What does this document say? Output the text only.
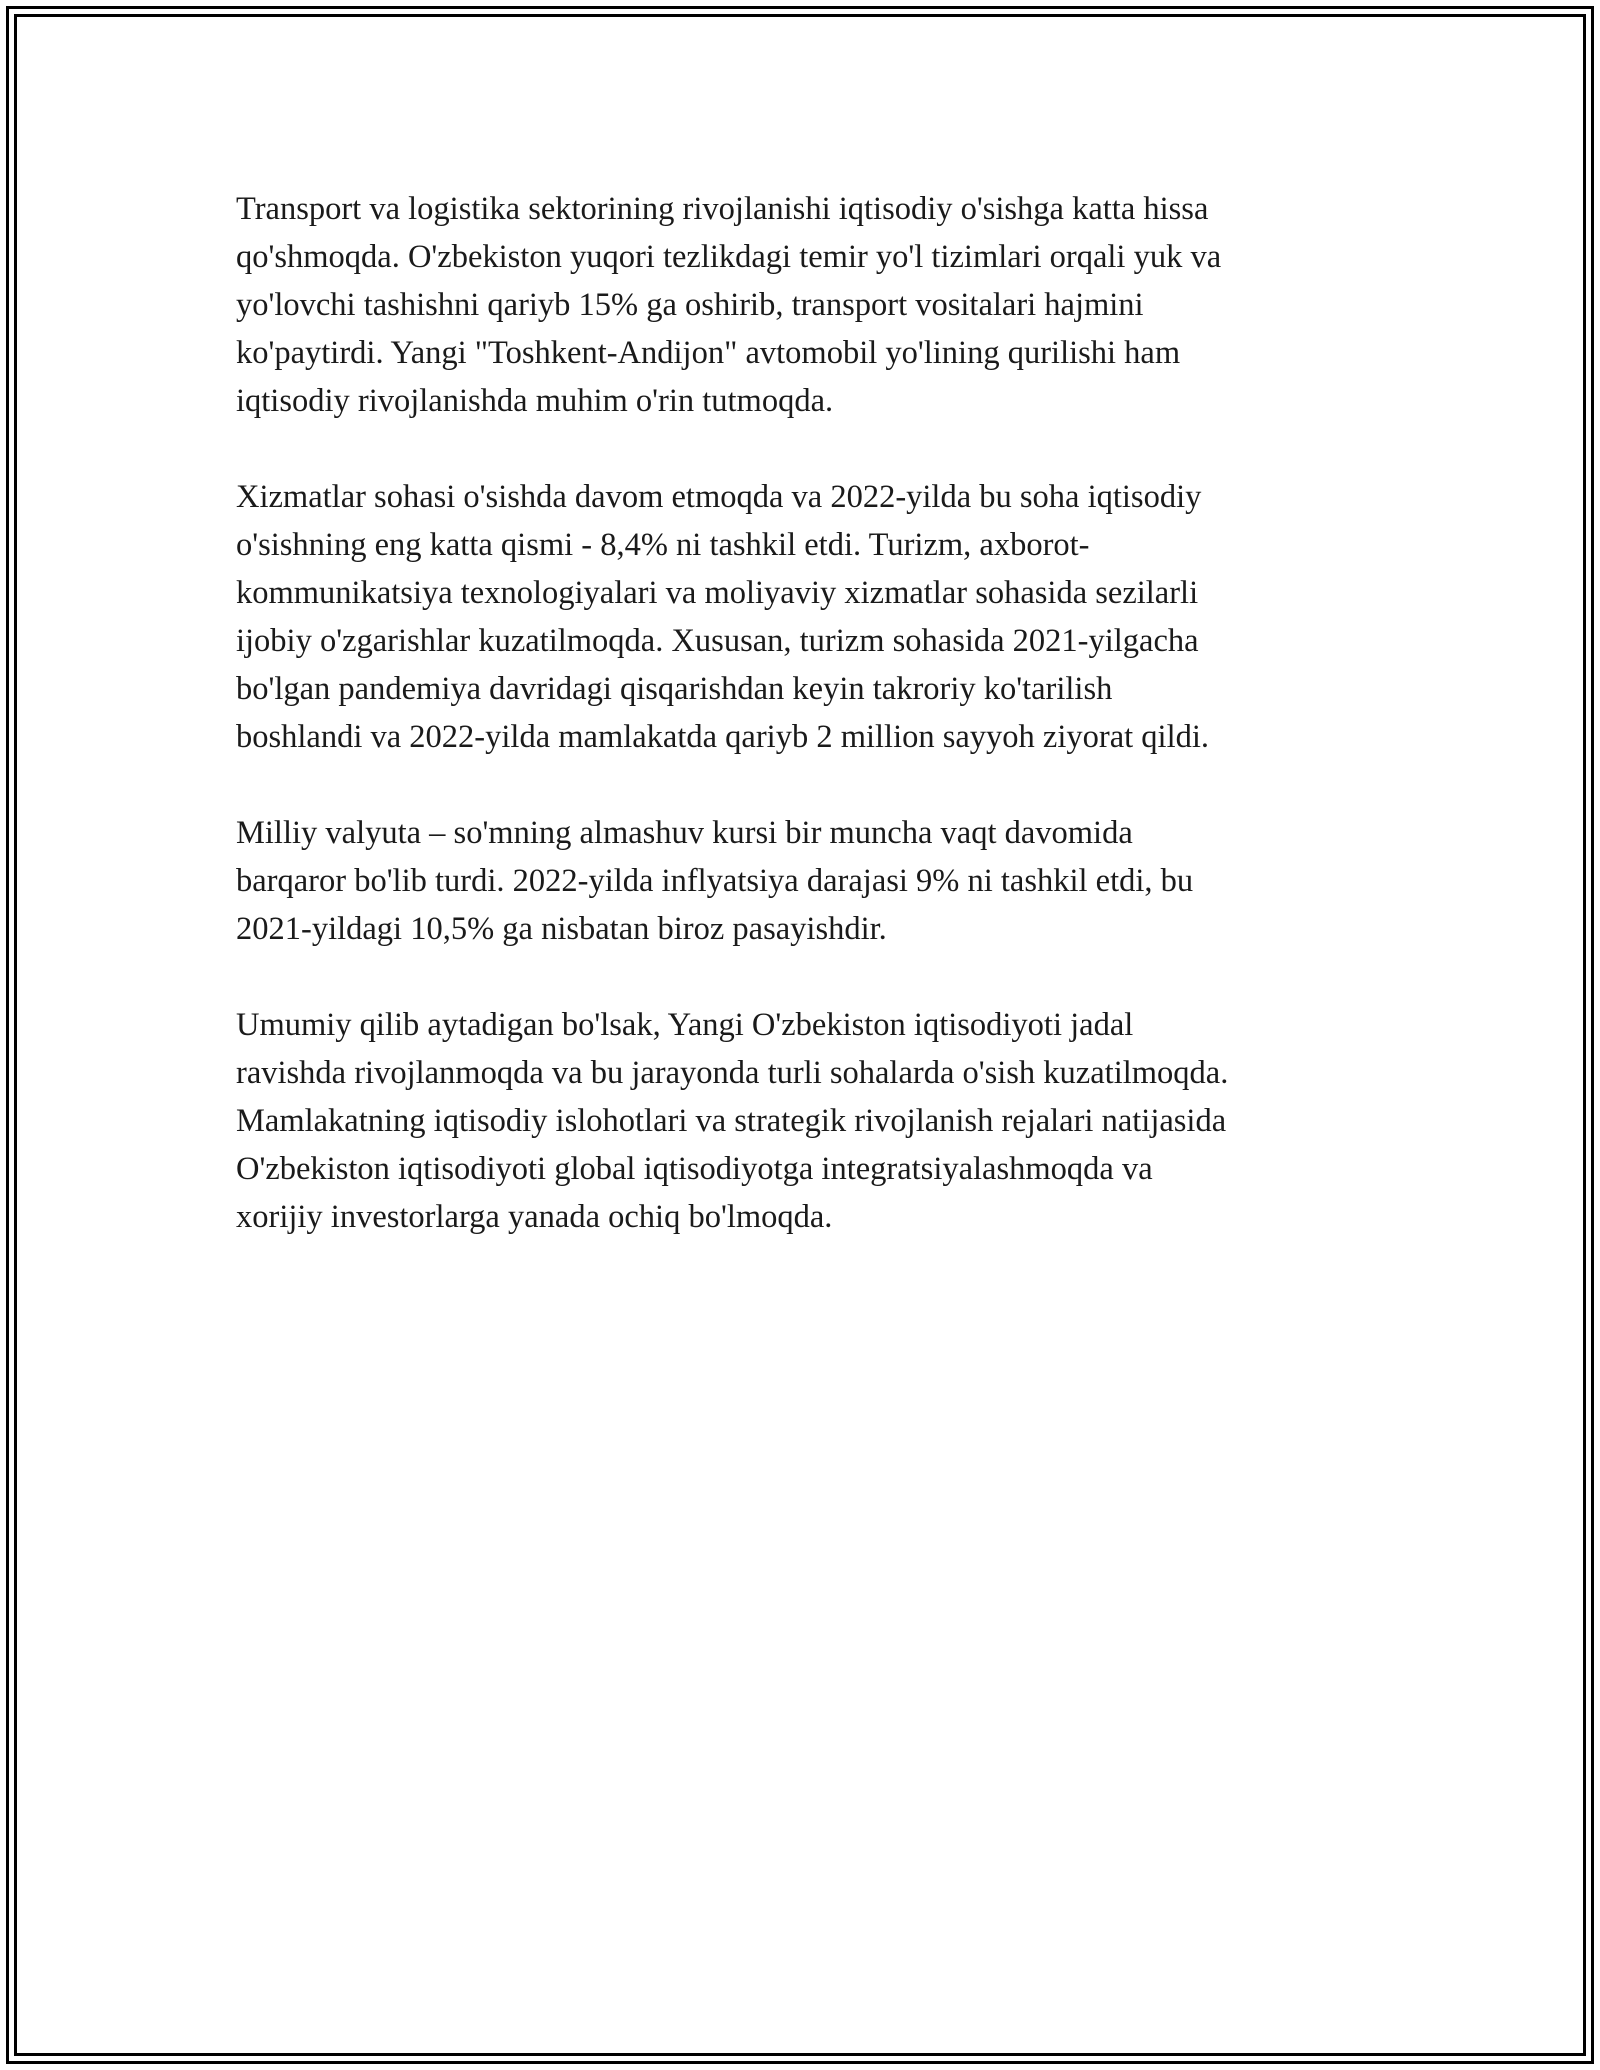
Transport va logistika sektorining rivojlanishi iqtisodiy o'sishga katta hissa
qo'shmoqda. O'zbekiston yuqori tezlikdagi temir yo'l tizimlari orqali yuk va
yo'lovchi tashishni qariyb 15% ga oshirib, transport vositalari hajmini
ko'paytirdi. Yangi "Toshkent-Andijon" avtomobil yo'lining qurilishi ham
iqtisodiy rivojlanishda muhim o'rin tutmoqda.

Xizmatlar sohasi o'sishda davom etmoqda va 2022-yilda bu soha iqtisodiy
o'sishning eng katta qismi - 8,4% ni tashkil etdi. Turizm, axborot-
kommunikatsiya texnologiyalari va moliyaviy xizmatlar sohasida sezilarli
ijobiy o'zgarishlar kuzatilmoqda. Xususan, turizm sohasida 2021-yilgacha
bo'lgan pandemiya davridagi qisqarishdan keyin takroriy ko'tarilish
boshlandi va 2022-yilda mamlakatda qariyb 2 million sayyoh ziyorat qildi.

Milliy valyuta – so'mning almashuv kursi bir muncha vaqt davomida
barqaror bo'lib turdi. 2022-yilda inflyatsiya darajasi 9% ni tashkil etdi, bu
2021-yildagi 10,5% ga nisbatan biroz pasayishdir.

Umumiy qilib aytadigan bo'lsak, Yangi O'zbekiston iqtisodiyoti jadal
ravishda rivojlanmoqda va bu jarayonda turli sohalarda o'sish kuzatilmoqda.
Mamlakatning iqtisodiy islohotlari va strategik rivojlanish rejalari natijasida
O'zbekiston iqtisodiyoti global iqtisodiyotga integratsiyalashmoqda va
xorijiy investorlarga yanada ochiq bo'lmoqda.
